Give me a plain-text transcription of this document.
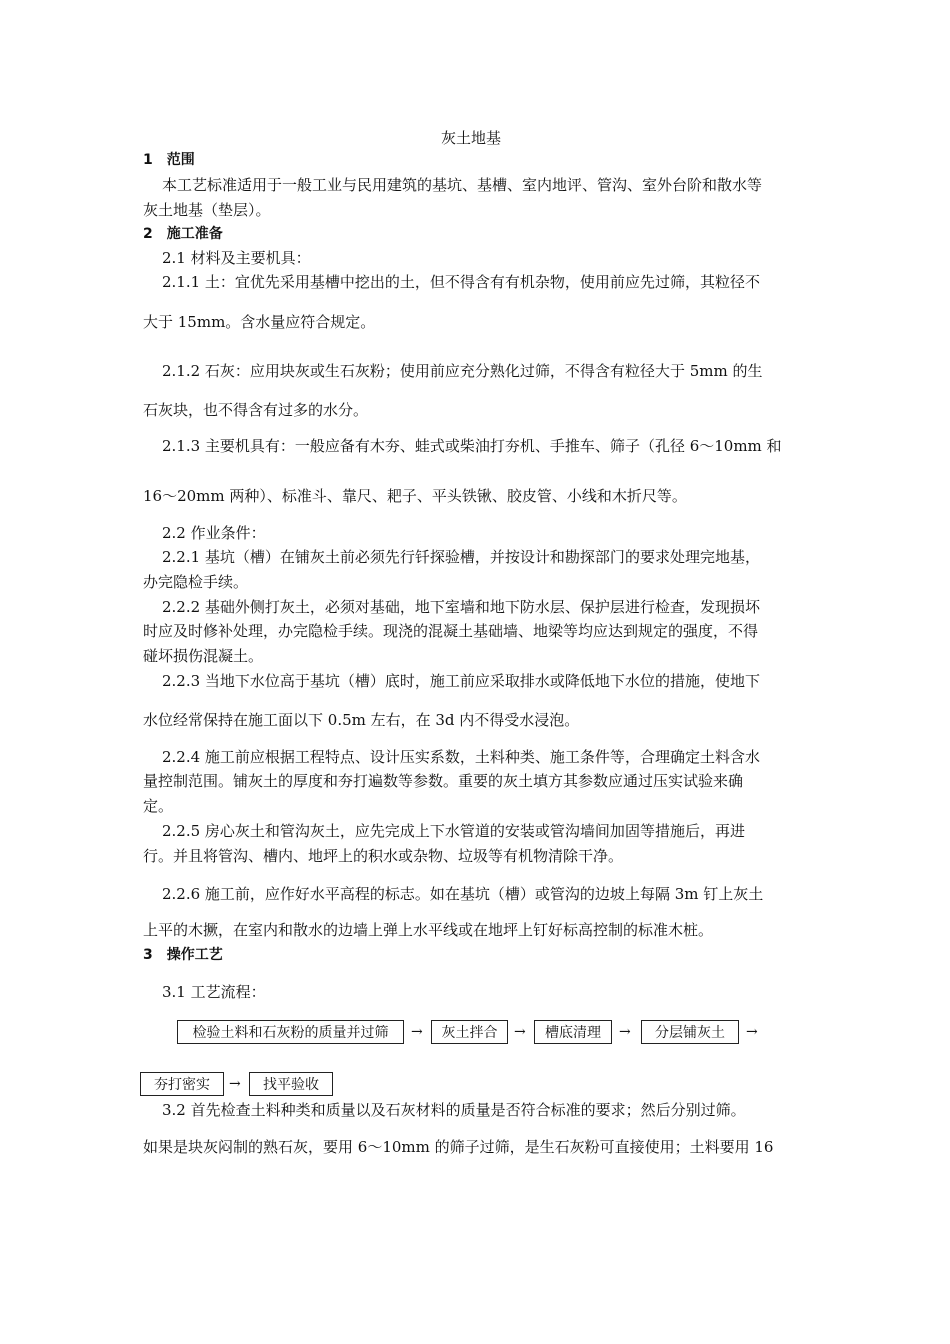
灰土地基
1　范围
本工艺标准适用于一般工业与民用建筑的基坑、基槽、室内地评、管沟、室外台阶和散水等
灰土地基（垫层）。
2　施工准备
2.1 材料及主要机具：
2.1.1 土：宜优先采用基槽中挖出的土，但不得含有有机杂物，使用前应先过筛，其粒径不
大于 15mm。含水量应符合规定。
2.1.2 石灰：应用块灰或生石灰粉；使用前应充分熟化过筛，不得含有粒径大于 5mm 的生
石灰块，也不得含有过多的水分。
2.1.3 主要机具有：一般应备有木夯、蛙式或柴油打夯机、手推车、筛子（孔径 6～10mm 和
16～20mm 两种）、标准斗、靠尺、耙子、平头铁锹、胶皮管、小线和木折尺等。
2.2 作业条件：
2.2.1 基坑（槽）在铺灰土前必须先行钎探验槽，并按设计和勘探部门的要求处理完地基，
办完隐检手续。
2.2.2 基础外侧打灰土，必须对基础，地下室墙和地下防水层、保护层进行检查，发现损坏
时应及时修补处理，办完隐检手续。现浇的混凝土基础墙、地梁等均应达到规定的强度，不得
碰坏损伤混凝土。
2.2.3 当地下水位高于基坑（槽）底时，施工前应采取排水或降低地下水位的措施，使地下
水位经常保持在施工面以下 0.5m 左右，在 3d 内不得受水浸泡。
2.2.4 施工前应根据工程特点、设计压实系数，土料种类、施工条件等，合理确定土料含水
量控制范围。铺灰土的厚度和夯打遍数等参数。重要的灰土填方其参数应通过压实试验来确
定。
2.2.5 房心灰土和管沟灰土，应先完成上下水管道的安装或管沟墙间加固等措施后，再进
行。并且将管沟、槽内、地坪上的积水或杂物、垃圾等有机物清除干净。
2.2.6 施工前，应作好水平高程的标志。如在基坑（槽）或管沟的边坡上每隔 3m 钉上灰土
上平的木撅，在室内和散水的边墙上弹上水平线或在地坪上钉好标高控制的标准木桩。
3　操作工艺
3.1 工艺流程：
检验土料和石灰粉的质量并过筛	→	灰土拌合	→	槽底清理	→	分层铺灰土	→
夯打密实	→	找平验收
3.2 首先检查土料种类和质量以及石灰材料的质量是否符合标准的要求；然后分别过筛。
如果是块灰闷制的熟石灰，要用 6～10mm 的筛子过筛，是生石灰粉可直接使用；土料要用 16
